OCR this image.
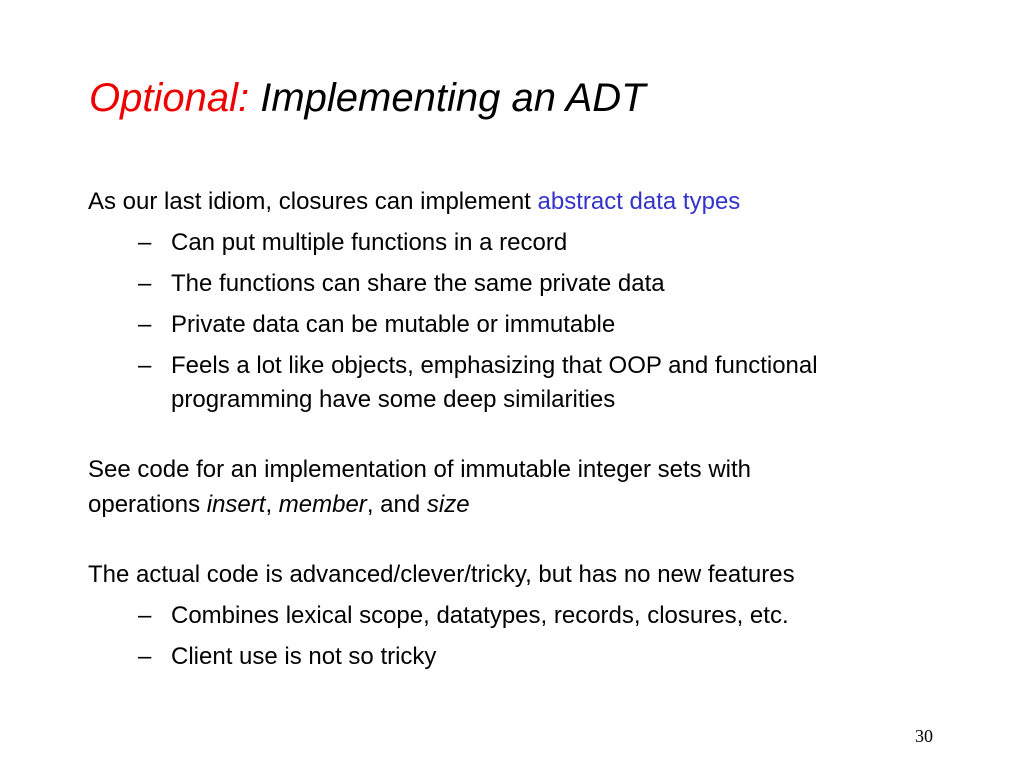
Optional: Implementing an ADT
As our last idiom, closures can implement abstract data types
– Can put multiple functions in a record
– The functions can share the same private data
– Private data can be mutable or immutable
– Feels a lot like objects, emphasizing that OOP and functional
programming have some deep similarities
See code for an implementation of immutable integer sets with
operations insert, member, and size
The actual code is advanced/clever/tricky, but has no new features
– Combines lexical scope, datatypes, records, closures, etc.
– Client use is not so tricky
30
